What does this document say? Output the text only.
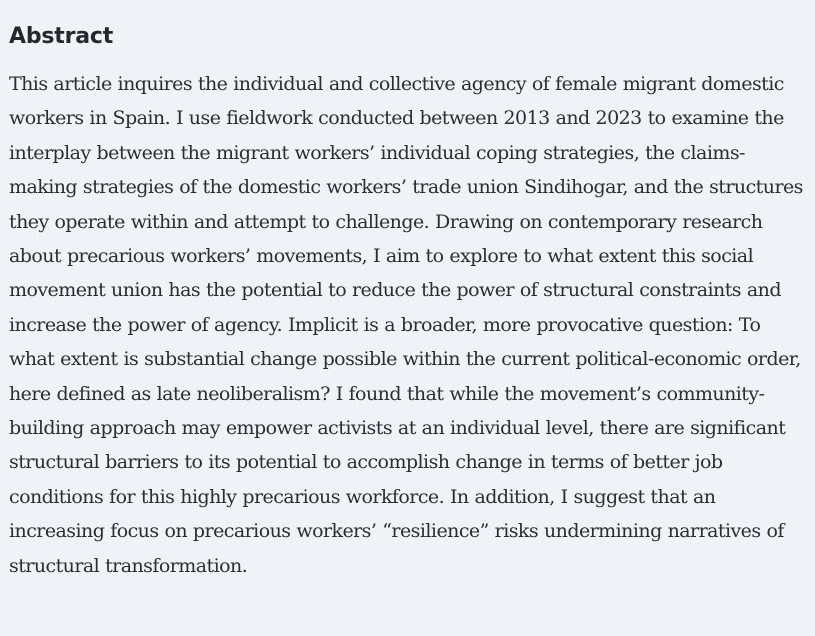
Abstract

This article inquires the individual and collective agency of female migrant domestic workers in Spain. I use fieldwork conducted between 2013 and 2023 to examine the interplay between the migrant workers’ individual coping strategies, the claims-making strategies of the domestic workers’ trade union Sindihogar, and the structures they operate within and attempt to challenge. Drawing on contemporary research about precarious workers’ movements, I aim to explore to what extent this social movement union has the potential to reduce the power of structural constraints and increase the power of agency. Implicit is a broader, more provocative question: To what extent is substantial change possible within the current political-economic order, here defined as late neoliberalism? I found that while the movement’s community-building approach may empower activists at an individual level, there are significant structural barriers to its potential to accomplish change in terms of better job conditions for this highly precarious workforce. In addition, I suggest that an increasing focus on precarious workers’ “resilience” risks undermining narratives of structural transformation.
